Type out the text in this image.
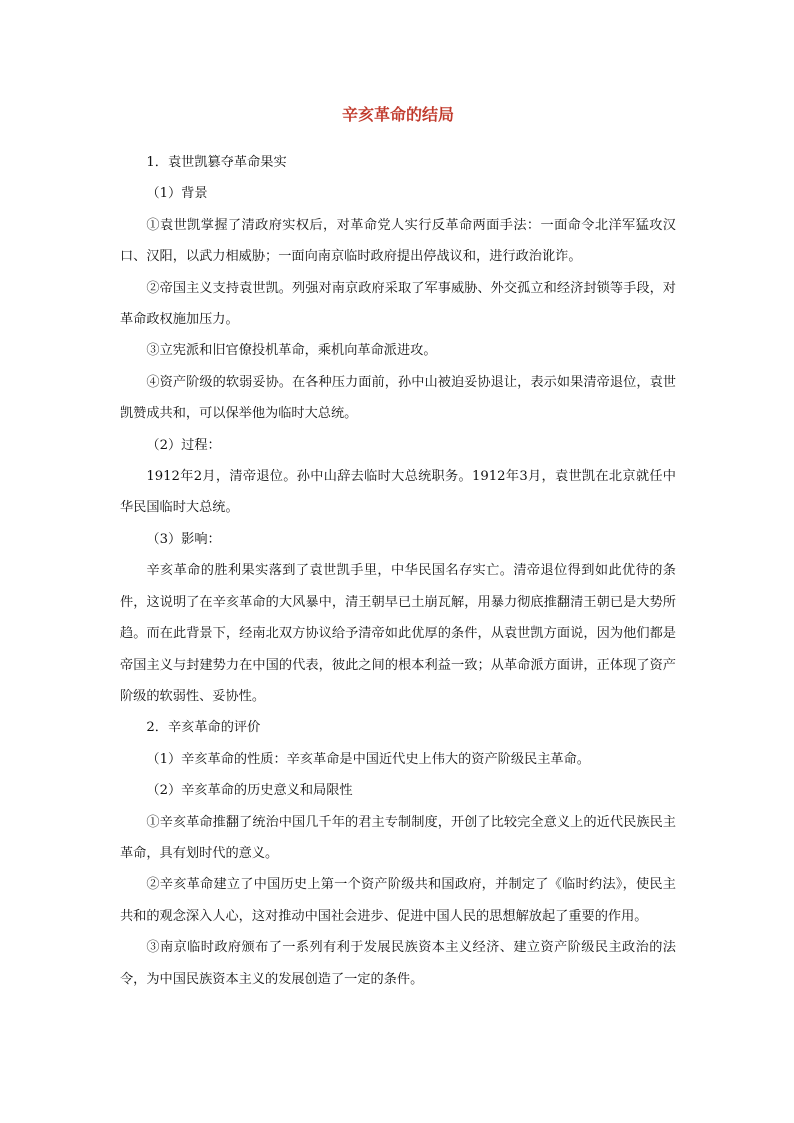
辛亥革命的结局

1．袁世凯篡夺革命果实

（1）背景

①袁世凯掌握了清政府实权后，对革命党人实行反革命两面手法：一面命令北洋军猛攻汉口、汉阳，以武力相威胁；一面向南京临时政府提出停战议和，进行政治讹诈。

②帝国主义支持袁世凯。列强对南京政府采取了军事威胁、外交孤立和经济封锁等手段，对革命政权施加压力。

③立宪派和旧官僚投机革命，乘机向革命派进攻。

④资产阶级的软弱妥协。在各种压力面前，孙中山被迫妥协退让，表示如果清帝退位，袁世凯赞成共和，可以保举他为临时大总统。

（2）过程：

1912年2月，清帝退位。孙中山辞去临时大总统职务。1912年3月，袁世凯在北京就任中华民国临时大总统。

（3）影响：

辛亥革命的胜利果实落到了袁世凯手里，中华民国名存实亡。清帝退位得到如此优待的条件，这说明了在辛亥革命的大风暴中，清王朝早已土崩瓦解，用暴力彻底推翻清王朝已是大势所趋。而在此背景下，经南北双方协议给予清帝如此优厚的条件，从袁世凯方面说，因为他们都是帝国主义与封建势力在中国的代表，彼此之间的根本利益一致；从革命派方面讲，正体现了资产阶级的软弱性、妥协性。

2．辛亥革命的评价

（1）辛亥革命的性质：辛亥革命是中国近代史上伟大的资产阶级民主革命。

（2）辛亥革命的历史意义和局限性

①辛亥革命推翻了统治中国几千年的君主专制制度，开创了比较完全意义上的近代民族民主革命，具有划时代的意义。

②辛亥革命建立了中国历史上第一个资产阶级共和国政府，并制定了《临时约法》，使民主共和的观念深入人心，这对推动中国社会进步、促进中国人民的思想解放起了重要的作用。

③南京临时政府颁布了一系列有利于发展民族资本主义经济、建立资产阶级民主政治的法令，为中国民族资本主义的发展创造了一定的条件。
